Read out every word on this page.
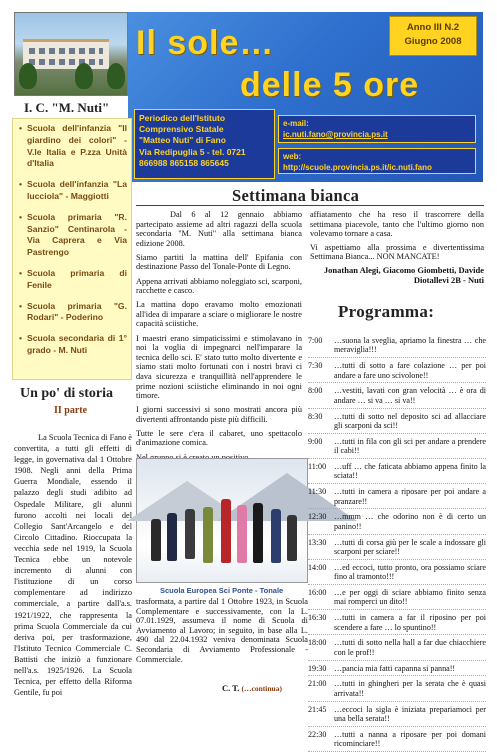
Il sole…
delle 5 ore
Anno III N.2
Giugno 2008
Periodico dell'Istituto
Comprensivo Statale
"Matteo Nuti" di Fano
Via Redipuglia 5 - tel. 0721
866988 865158 865645
e-mail:
ic.nuti.fano@provincia.ps.it
web:
http://scuole.provincia.ps.it/ic.nuti.fano
I. C. "M. Nuti"
• Scuola dell'infanzia "Il giardino dei colori" - V.le Italia e P.zza Unità d'Italia
• Scuola dell'infanzia "La lucciola" - Maggiotti
• Scuola primaria "R. Sanzio" Centinarola - Via Caprera e Via Pastrengo
• Scuola primaria di Fenile
• Scuola primaria "G. Rodari" - Poderino
• Scuola secondaria di 1° grado - M. Nuti
Un po' di storia
II parte
La Scuola Tecnica di Fano è convertita, a tutti gli effetti di legge, in governativa dal 1 Ottobre 1908. Negli anni della Prima Guerra Mondiale, essendo il palazzo degli studi adibito ad Ospedale Militare, gli alunni furono accolti nei locali del Collegio Sant'Arcangelo e del Circolo Cittadino. Rioccupata la vecchia sede nel 1919, la Scuola Tecnica ebbe un notevole incremento di alunni con l'istituzione di un corso complementare ad indirizzo commerciale, a partire dall'a.s. 1921/1922, che rappresenta la prima Scuola Commerciale da cui deriva poi, per trasformazione, l'Istituto Tecnico Commerciale C. Battisti che iniziò a funzionare nell'a.s. 1925/1926. La Scuola Tecnica, per effetto della Riforma Gentile, fu poi
Settimana bianca

Dal 6 al 12 gennaio abbiamo partecipato assieme ad altri ragazzi della scuola secondaria "M. Nuti" alla settimana bianca edizione 2008.

Siamo partiti la mattina dell' Epifania con destinazione Passo del Tonale-Ponte di Legno.

Appena arrivati abbiamo noleggiato sci, scarponi, racchette e casco.

La mattina dopo eravamo molto emozionati all'idea di imparare a sciare o migliorare le nostre capacità sciistiche.

I maestri erano simpaticissimi e stimolavano in noi la voglia di impegnarci nell'imparare la tecnica dello sci. E' stato tutto molto divertente e siamo stati molto fortunati con i nostri bravi ci dava sicurezza e tranquillità nell'apprendere le prime nozioni sciistiche eliminando in noi ogni timore.

I giorni successivi si sono mostrati ancora più divertenti affrontando piste più difficili.

Tutte le sere c'era il cabaret, uno spettacolo d'animazione comica.

affiatamento che ha reso il trascorrere della settimana piacevole, tanto che l'ultimo giorno non volevamo tornare a casa.

Vi aspettiamo alla prossima e divertentissima Settimana Bianca... NON MANCATE!

Jonathan Alegi, Giacomo Giombetti, Davide Diotallevi 2B - Nuti
Scuola Europea Sci Ponte - Tonale
trasformata, a partire dal 1 Ottobre 1923, in Scuola Complementare e successivamente, con la L. 07.01.1929, assumeva il nome di Scuola di Avviamento al Lavoro; in seguito, in base alla L. 490 dal 22.04.1932 veniva denominata Scuola Secondaria di Avviamento Professionale - Commerciale.
C. T. (…continua)
Programma:
7:00	…suona la sveglia, apriamo la finestra … che meraviglia!!!
7:30	…tutti di sotto a fare colazione … per poi andare a fare uno scivolone!!
8:00	…vestiti, lavati con gran velocità … è ora di andare … si va … si va!!
8:30	…tutti di sotto nel deposito sci ad allacciare gli scarponi da sci!!
9:00	…tutti in fila con gli sci per andare a prendere il cabi!!
11:00 …uff … che faticata abbiamo appena finito la sciata!!
11:30 …tutti in camera a riposare per poi andare a pranzare!!
12:30 …mmm … che odorino non è di certo un panino!!
13:30 …tutti di corsa giù per le scale a indossare gli scarponi per sciare!!
14:00 …ed eccoci, tutto pronto, ora possiamo sciare fino al tramonto!!!
16:00 …e per oggi di sciare abbiamo finito senza mai romperci un dito!!
16:30 …tutti in camera a far il riposino per poi scendere a fare … lo spuntino!!
18:00 …tutti di sotto nella hall a far due chiacchiere con le prof!!
19:30 …pancia mia fatti capanna si panna!!
21:00 …tutti in ghingheri per la serata che è quasi arrivata!!
21:45 …eccoci la sigla è iniziata prepariamoci per una bella serata!!
22:30 …tutti a nanna a riposare per poi domani ricominciare!!
